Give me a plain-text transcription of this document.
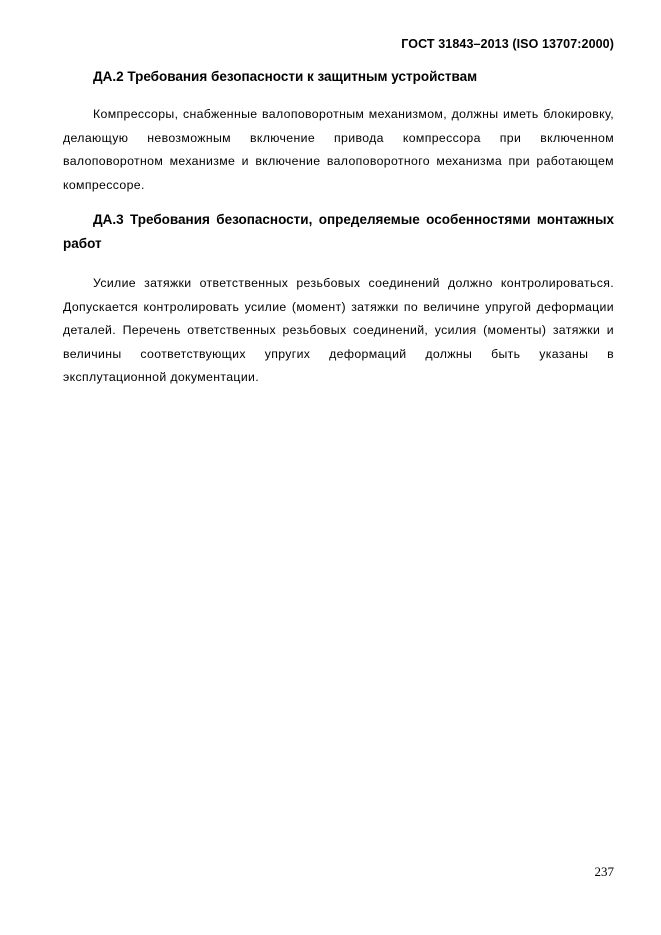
ГОСТ 31843–2013 (ISO 13707:2000)
ДА.2 Требования безопасности к защитным устройствам
Компрессоры, снабженные валоповоротным механизмом, должны иметь блокировку, делающую невозможным включение привода компрессора при включенном валоповоротном механизме и включение валоповоротного механизма при работающем компрессоре.
ДА.3 Требования безопасности, определяемые особенностями монтажных работ
Усилие затяжки ответственных резьбовых соединений должно контролироваться. Допускается контролировать усилие (момент) затяжки по величине упругой деформации деталей. Перечень ответственных резьбовых соединений, усилия (моменты) затяжки и величины соответствующих упругих деформаций должны быть указаны в эксплутационной документации.
237
